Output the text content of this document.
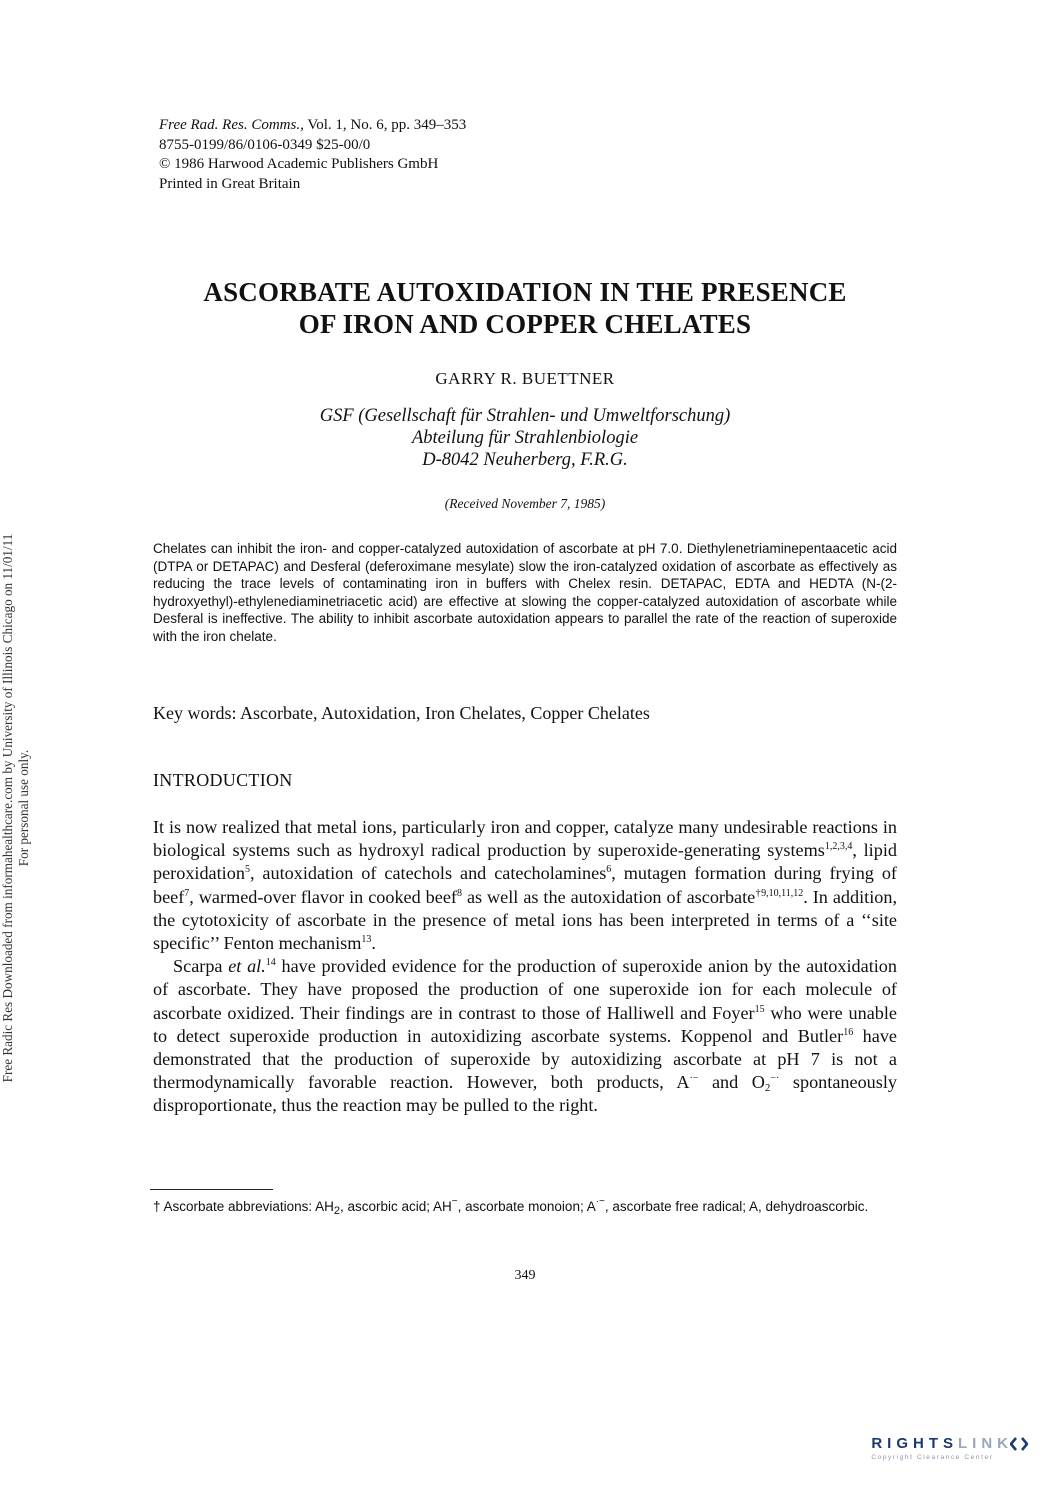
Free Radic Res Downloaded from informahealthcare.com by University of Illinois Chicago on 11/01/11 For personal use only.
Free Rad. Res. Comms., Vol. 1, No. 6, pp. 349–353
8755-0199/86/0106-0349 $25-00/0
© 1986 Harwood Academic Publishers GmbH
Printed in Great Britain
ASCORBATE AUTOXIDATION IN THE PRESENCE
OF IRON AND COPPER CHELATES
GARRY R. BUETTNER
GSF (Gesellschaft für Strahlen- und Umweltforschung)
Abteilung für Strahlenbiologie
D-8042 Neuherberg, F.R.G.
(Received November 7, 1985)
Chelates can inhibit the iron- and copper-catalyzed autoxidation of ascorbate at pH 7.0. Diethylenetriaminepentaacetic acid (DTPA or DETAPAC) and Desferal (deferoximane mesylate) slow the iron-catalyzed oxidation of ascorbate as effectively as reducing the trace levels of contaminating iron in buffers with Chelex resin. DETAPAC, EDTA and HEDTA (N-(2-hydroxyethyl)-ethylenediaminetriacetic acid) are effective at slowing the copper-catalyzed autoxidation of ascorbate while Desferal is ineffective. The ability to inhibit ascorbate autoxidation appears to parallel the rate of the reaction of superoxide with the iron chelate.
Key words: Ascorbate, Autoxidation, Iron Chelates, Copper Chelates
INTRODUCTION

It is now realized that metal ions, particularly iron and copper, catalyze many undesirable reactions in biological systems such as hydroxyl radical production by superoxide-generating systems$^{1,2,3,4}$, lipid peroxidation$^5$, autoxidation of catechols and catecholamines$^6$, mutagen formation during frying of beef$^7$, warmed-over flavor in cooked beef$^8$ as well as the autoxidation of ascorbate$^{\dagger 9,10,11,12}$. In addition, the cytotoxicity of ascorbate in the presence of metal ions has been interpreted in terms of a ‘‘site specific’’ Fenton mechanism$^{13}$.

Scarpa et al.$^{14}$ have provided evidence for the production of superoxide anion by the autoxidation of ascorbate. They have proposed the production of one superoxide ion for each molecule of ascorbate oxidized. Their findings are in contrast to those of Halliwell and Foyer$^{15}$ who were unable to detect superoxide production in autoxidizing ascorbate systems. Koppenol and Butler$^{16}$ have demonstrated that the production of superoxide by autoxidizing ascorbate at pH 7 is not a thermodynamically favorable reaction. However, both products, A·− and $O_2^{-\cdot}$ spontaneously disproportionate, thus the reaction may be pulled to the right.

† Ascorbate abbreviations: $AH_2$, ascorbic acid; AH−, ascorbate monoion; A·−, ascorbate free radical; A, dehydroascorbic.
349
RIGHTS LINK
Copyright Clearance Center
